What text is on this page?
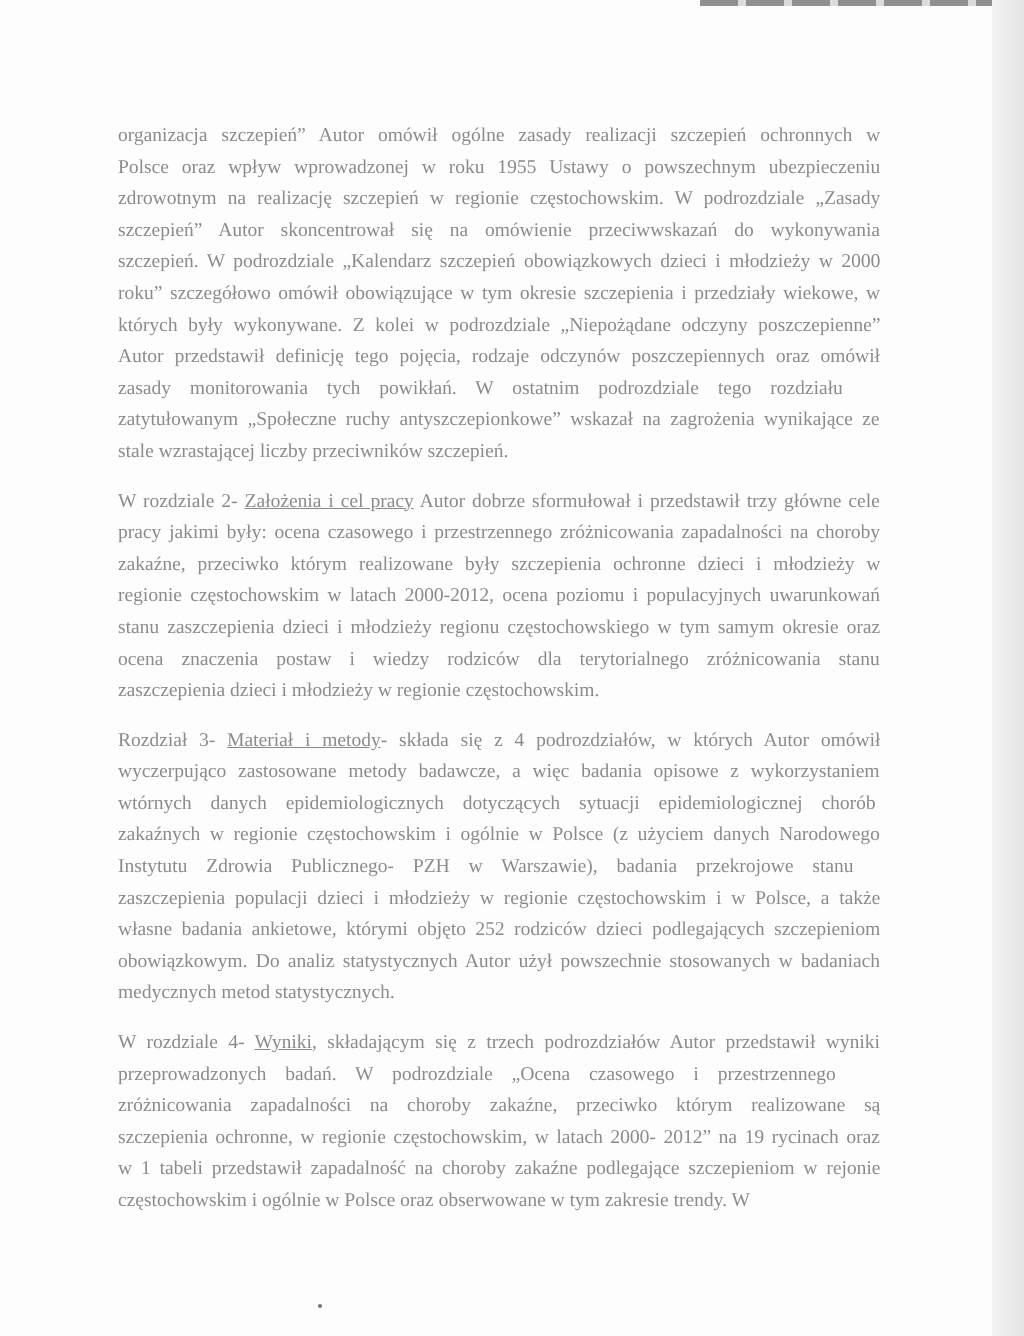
organizacja szczepień” Autor omówił ogólne zasady realizacji szczepień ochronnych w
Polsce oraz wpływ wprowadzonej w roku 1955 Ustawy o powszechnym ubezpieczeniu
zdrowotnym na realizację szczepień w regionie częstochowskim. W podrozdziale „Zasady
szczepień” Autor skoncentrował się na omówienie przeciwwskazań do wykonywania
szczepień. W podrozdziale „Kalendarz szczepień obowiązkowych dzieci i młodzieży w 2000
roku” szczegółowo omówił obowiązujące w tym okresie szczepienia i przedziały wiekowe, w
których były wykonywane. Z kolei w podrozdziale „Niepożądane odczyny poszczepienne”
Autor przedstawił definicję tego pojęcia, rodzaje odczynów poszczepiennych oraz omówił
zasady monitorowania tych powikłań. W ostatnim podrozdziale tego rozdziału
zatytułowanym „Społeczne ruchy antyszczepionkowe” wskazał na zagrożenia wynikające ze
stale wzrastającej liczby przeciwników szczepień.

W rozdziale 2- Założenia i cel pracy Autor dobrze sformułował i przedstawił trzy główne cele
pracy jakimi były: ocena czasowego i przestrzennego zróżnicowania zapadalności na choroby
zakaźne, przeciwko którym realizowane były szczepienia ochronne dzieci i młodzieży w
regionie częstochowskim w latach 2000-2012, ocena poziomu i populacyjnych uwarunkowań
stanu zaszczepienia dzieci i młodzieży regionu częstochowskiego w tym samym okresie oraz
ocena znaczenia postaw i wiedzy rodziców dla terytorialnego zróżnicowania stanu
zaszczepienia dzieci i młodzieży w regionie częstochowskim.

Rozdział 3- Materiał i metody- składa się z 4 podrozdziałów, w których Autor omówił
wyczerpująco zastosowane metody badawcze, a więc badania opisowe z wykorzystaniem
wtórnych danych epidemiologicznych dotyczących sytuacji epidemiologicznej chorób
zakaźnych w regionie częstochowskim i ogólnie w Polsce (z użyciem danych Narodowego
Instytutu Zdrowia Publicznego- PZH w Warszawie), badania przekrojowe stanu
zaszczepienia populacji dzieci i młodzieży w regionie częstochowskim i w Polsce, a także
własne badania ankietowe, którymi objęto 252 rodziców dzieci podlegających szczepieniom
obowiązkowym. Do analiz statystycznych Autor użył powszechnie stosowanych w badaniach
medycznych metod statystycznych.

W rozdziale 4- Wyniki, składającym się z trzech podrozdziałów Autor przedstawił wyniki
przeprowadzonych badań. W podrozdziale „Ocena czasowego i przestrzennego
zróżnicowania zapadalności na choroby zakaźne, przeciwko którym realizowane są
szczepienia ochronne, w regionie częstochowskim, w latach 2000- 2012” na 19 rycinach oraz
w 1 tabeli przedstawił zapadalność na choroby zakaźne podlegające szczepieniom w rejonie
częstochowskim i ogólnie w Polsce oraz obserwowane w tym zakresie trendy. W
